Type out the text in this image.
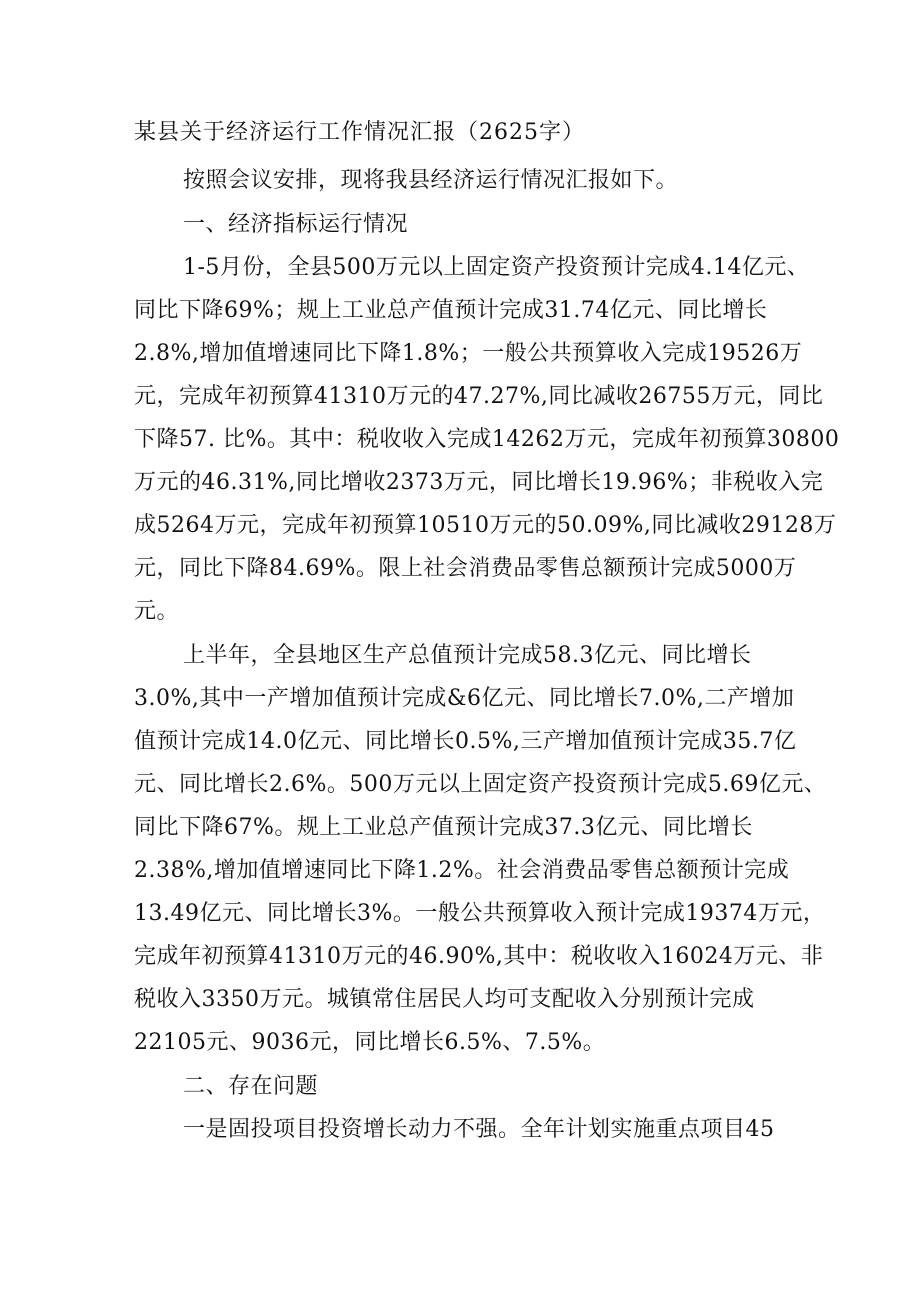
某县关于经济运行工作情况汇报（2625字）
按照会议安排，现将我县经济运行情况汇报如下。
一、经济指标运行情况
1-5月份，全县500万元以上固定资产投资预计完成4.14亿元、
同比下降69%；规上工业总产值预计完成31.74亿元、同比增长
2.8%,增加值增速同比下降1.8%；一般公共预算收入完成19526万
元，完成年初预算41310万元的47.27%,同比减收26755万元，同比
下降57. 比%。其中：税收收入完成14262万元，完成年初预算30800
万元的46.31%,同比增收2373万元，同比增长19.96%；非税收入完
成5264万元，完成年初预算10510万元的50.09%,同比减收29128万
元，同比下降84.69%。限上社会消费品零售总额预计完成5000万
元。
上半年，全县地区生产总值预计完成58.3亿元、同比增长
3.0%,其中一产增加值预计完成&6亿元、同比增长7.0%,二产增加
值预计完成14.0亿元、同比增长0.5%,三产增加值预计完成35.7亿
元、同比增长2.6%。500万元以上固定资产投资预计完成5.69亿元、
同比下降67%。规上工业总产值预计完成37.3亿元、同比增长
2.38%,增加值增速同比下降1.2%。社会消费品零售总额预计完成
13.49亿元、同比增长3%。一般公共预算收入预计完成19374万元，
完成年初预算41310万元的46.90%,其中：税收收入16024万元、非
税收入3350万元。城镇常住居民人均可支配收入分别预计完成
22105元、9036元，同比增长6.5%、7.5%。
二、存在问题
一是固投项目投资增长动力不强。全年计划实施重点项目45
